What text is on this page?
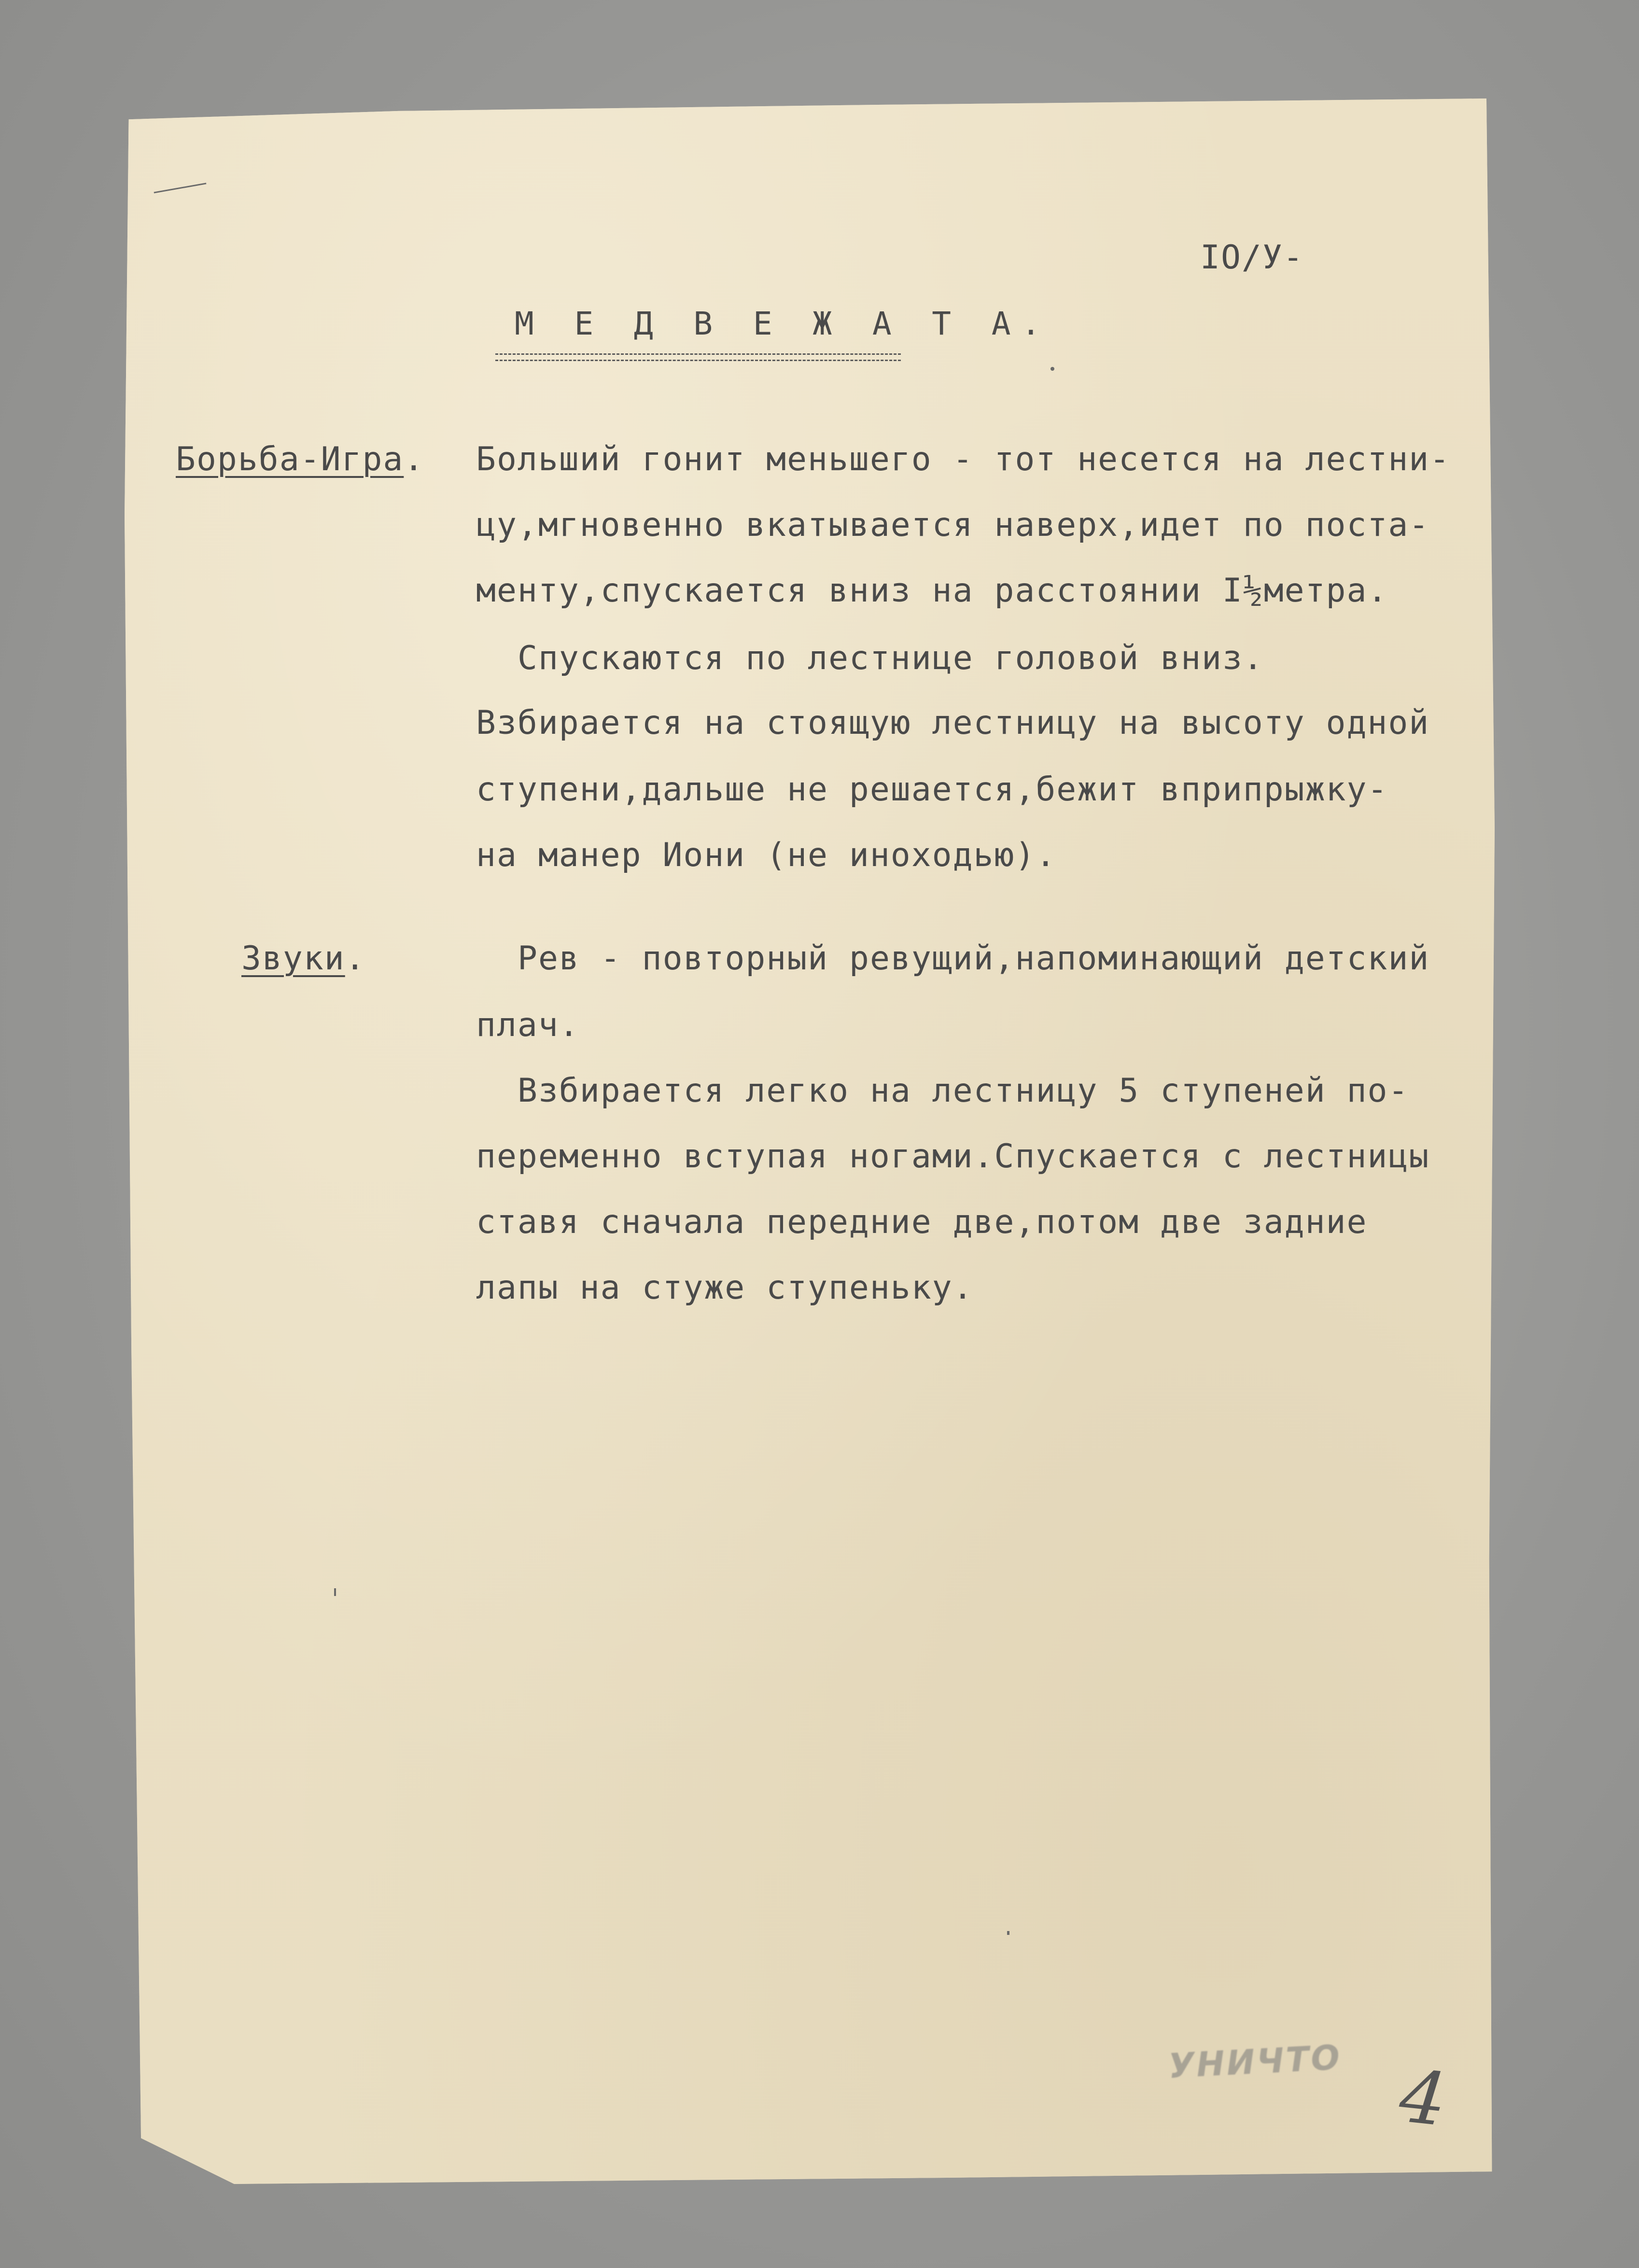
IO/У-
М Е Д В Е Ж А Т А.
Борьба-Игра. Больший гонит меньшего - тот несется на лестни-
цу,мгновенно вкатывается наверх,идет по поста-
менту,спускается вниз на расстоянии I½метра.
Спускаются по лестнице головой вниз.
Взбирается на стоящую лестницу на высоту одной
ступени,дальше не решается,бежит вприпрыжку-
на манер Иони (не иноходью).
Звуки.	Рев - повторный ревущий,напоминающий детский
плач.
Взбирается легко на лестницу 5 ступеней по-
переменно вступая ногами.Спускается с лестницы
ставя сначала передние две,потом две задние
лапы на стуже ступеньку.
УНИЧТО 4
